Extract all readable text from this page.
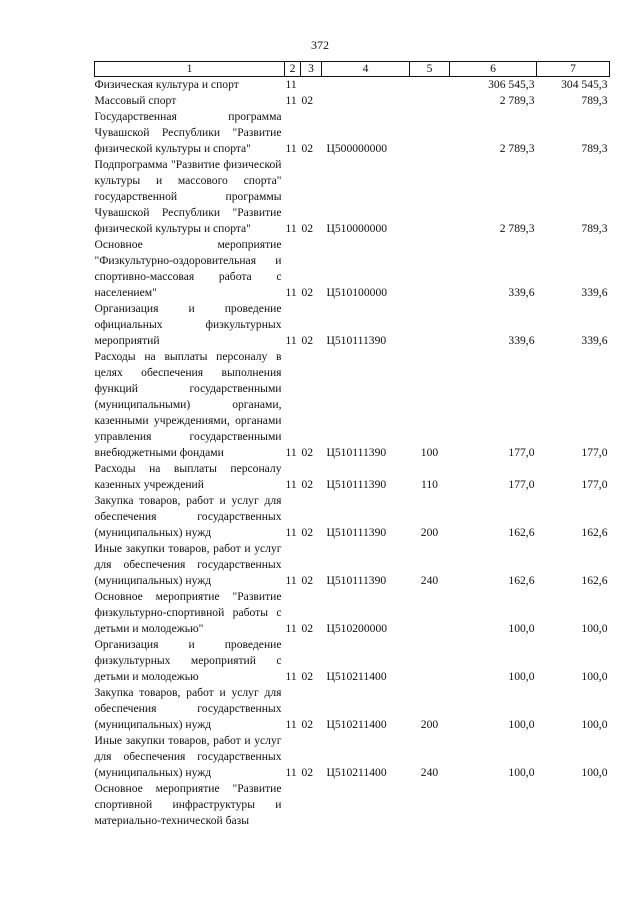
372
1	2	3	4	5	6	7
Физическая культура и спорт	11				306 545,3	304 545,3
Массовый спорт	11	02			2 789,3	789,3
Государственная программа Чувашской Республики "Развитие физической культуры и спорта"	11	02	Ц500000000		2 789,3	789,3
Подпрограмма "Развитие физической культуры и массового спорта" государственной программы Чувашской Республики "Развитие физической культуры и спорта"	11	02	Ц510000000		2 789,3	789,3
Основное мероприятие "Физкультурно-оздоровительная и спортивно-массовая работа с населением"	11	02	Ц510100000		339,6	339,6
Организация и проведение официальных физкультурных мероприятий	11	02	Ц510111390		339,6	339,6
Расходы на выплаты персоналу в целях обеспечения выполнения функций государственными (муниципальными) органами, казенными учреждениями, органами управления государственными внебюджетными фондами	11	02	Ц510111390	100	177,0	177,0
Расходы на выплаты персоналу казенных учреждений	11	02	Ц510111390	110	177,0	177,0
Закупка товаров, работ и услуг для обеспечения государственных (муниципальных) нужд	11	02	Ц510111390	200	162,6	162,6
Иные закупки товаров, работ и услуг для обеспечения государственных (муниципальных) нужд	11	02	Ц510111390	240	162,6	162,6
Основное мероприятие "Развитие физкультурно-спортивной работы с детьми и молодежью"	11	02	Ц510200000		100,0	100,0
Организация и проведение физкультурных мероприятий с детьми и молодежью	11	02	Ц510211400		100,0	100,0
Закупка товаров, работ и услуг для обеспечения государственных (муниципальных) нужд	11	02	Ц510211400	200	100,0	100,0
Иные закупки товаров, работ и услуг для обеспечения государственных (муниципальных) нужд	11	02	Ц510211400	240	100,0	100,0
Основное мероприятие "Развитие спортивной инфраструктуры и материально-технической базы						
